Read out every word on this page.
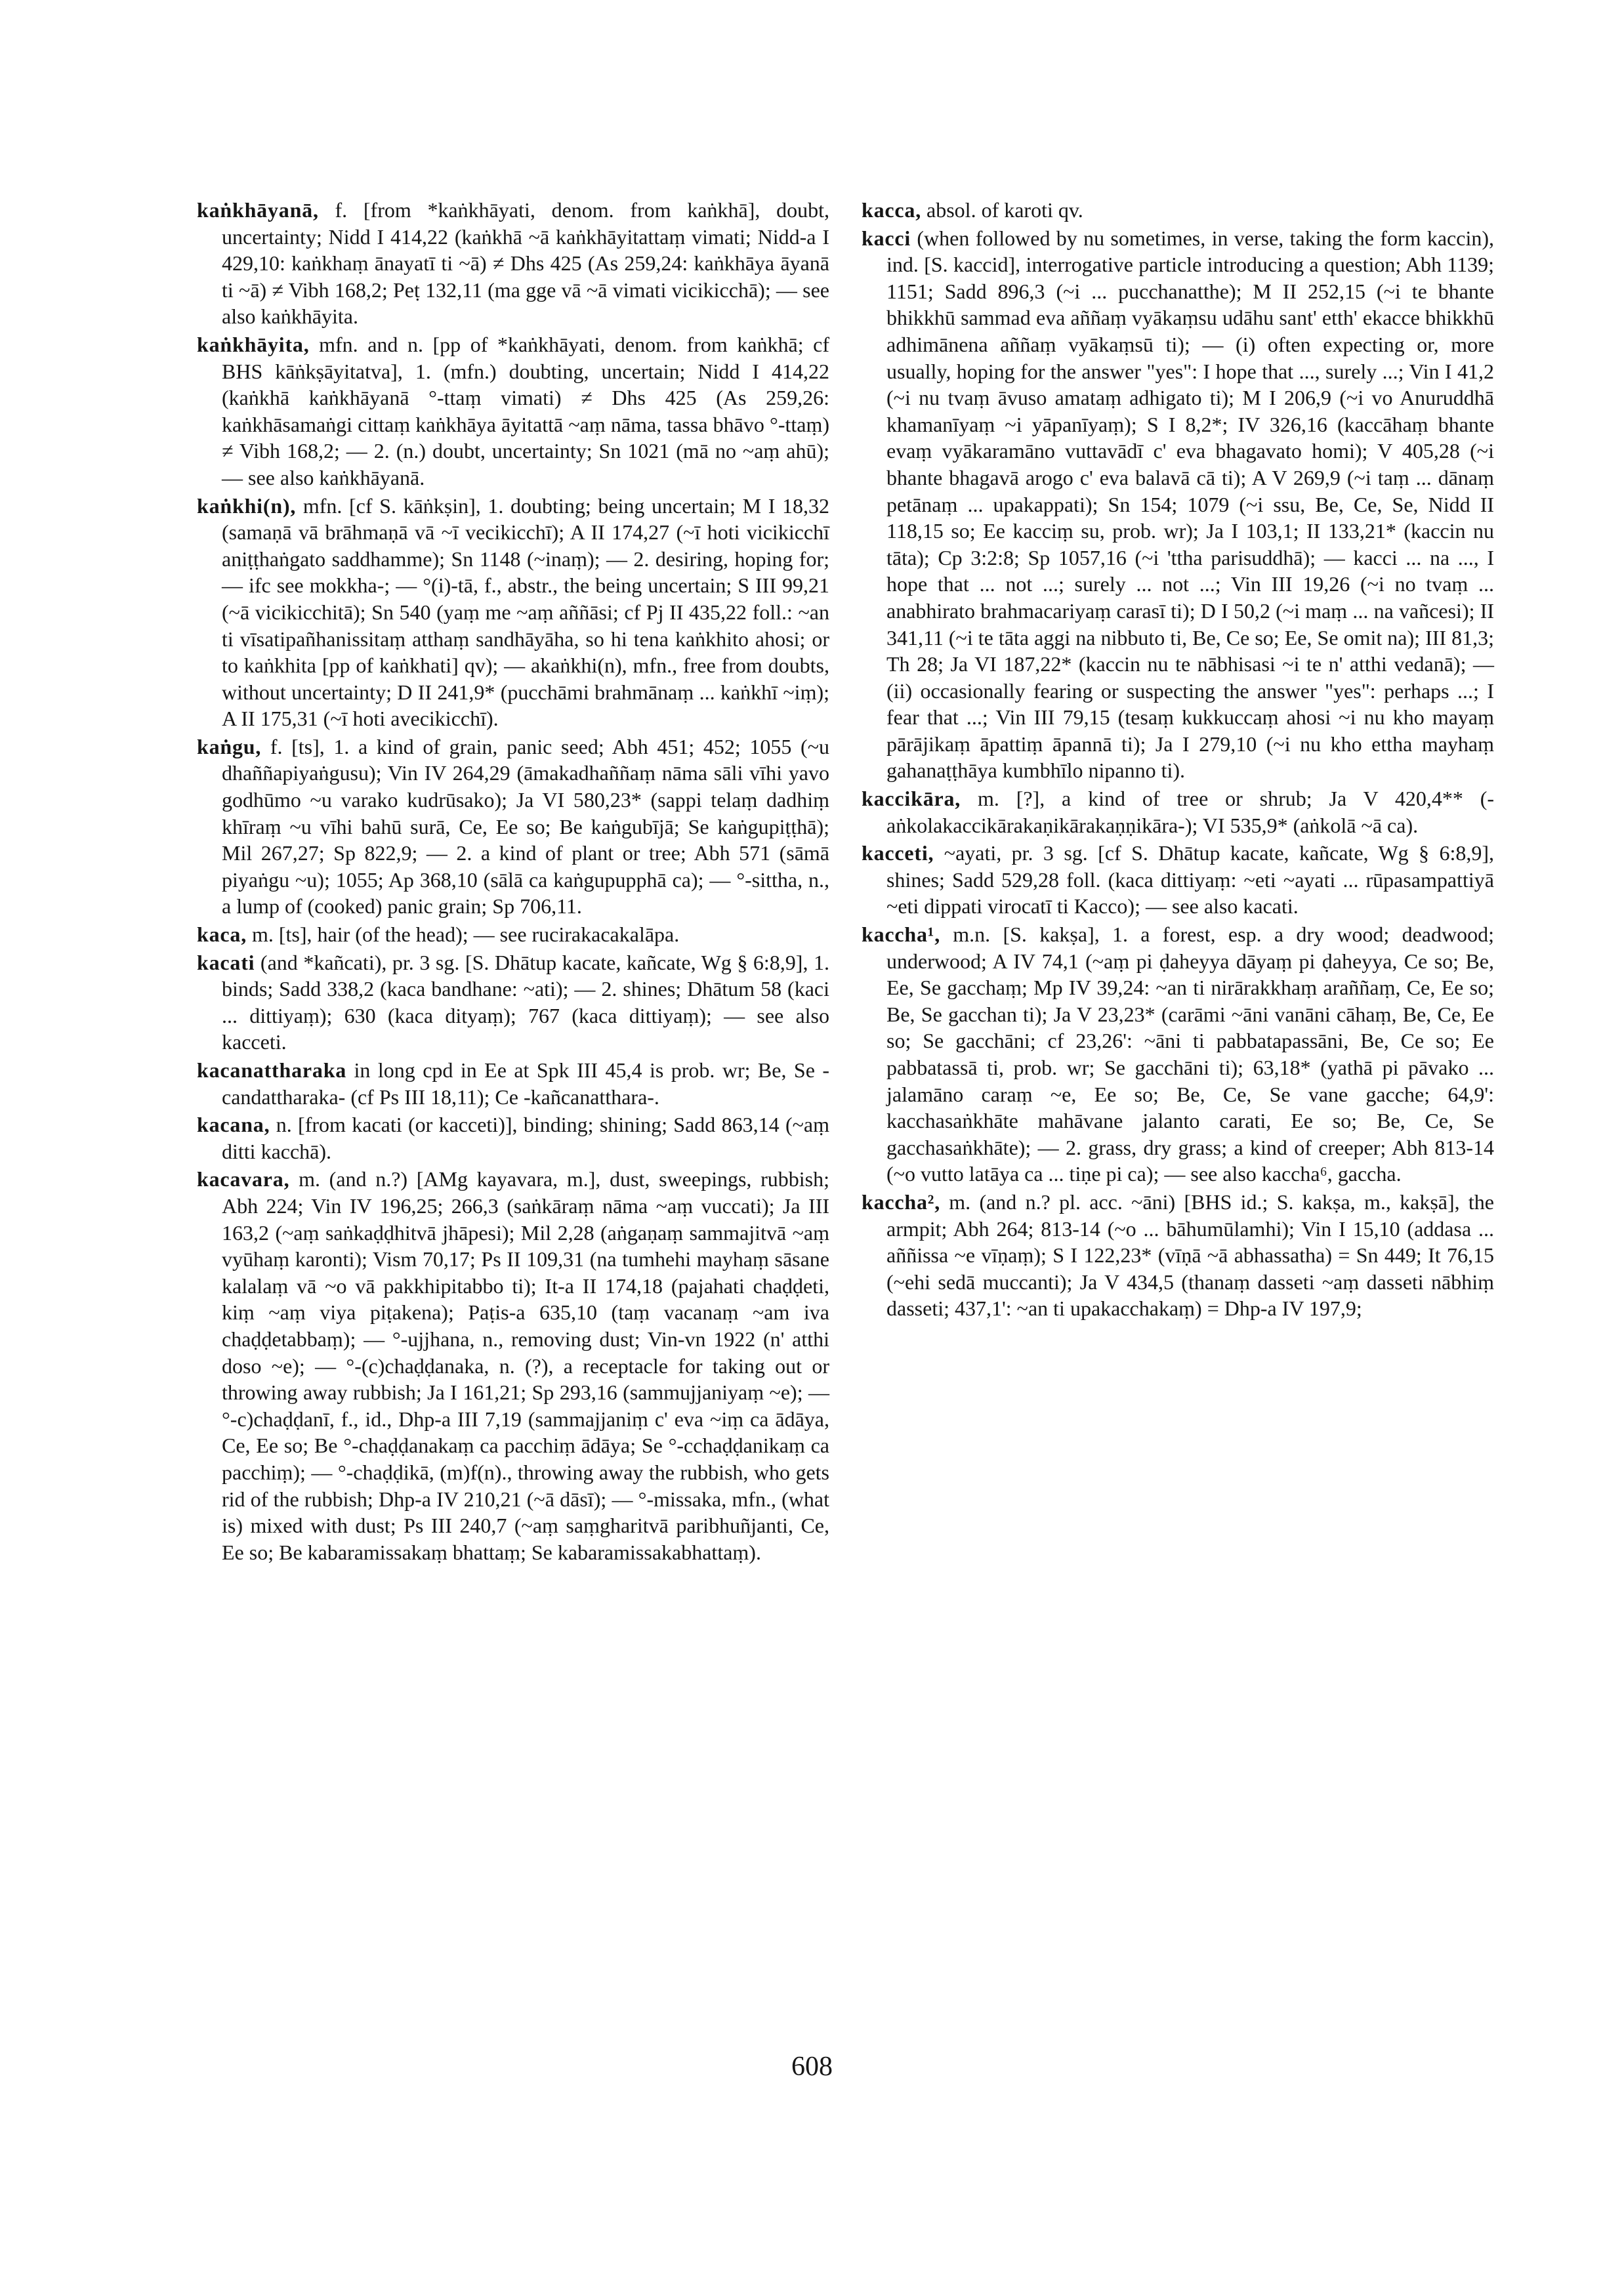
kaṅkhāyanā, f. [from *kaṅkhāyati, denom. from kaṅkhā], doubt, uncertainty; Nidd I 414,22 (kaṅkhā ~ā kaṅkhāyitattaṃ vimati; Nidd-a I 429,10: kaṅkhaṃ ānayatī ti ~ā) ≠ Dhs 425 (As 259,24: kaṅkhāya āyanā ti ~ā) ≠ Vibh 168,2; Peṭ 132,11 (ma gge vā ~ā vimati vicikicchā); — see also kaṅkhāyita.

kaṅkhāyita, mfn. and n. [pp of *kaṅkhāyati, denom. from kaṅkhā; cf BHS kāṅkṣāyitatva], 1. (mfn.) doubting, uncertain; Nidd I 414,22 (kaṅkhā kaṅkhāyanā °-ttaṃ vimati) ≠ Dhs 425 (As 259,26: kaṅkhāsamaṅgi cittaṃ kaṅkhāya āyitattā ~aṃ nāma, tassa bhāvo °-ttaṃ) ≠ Vibh 168,2; — 2. (n.) doubt, uncertainty; Sn 1021 (mā no ~aṃ ahū); — see also kaṅkhāyanā.

kaṅkhi(n), mfn. [cf S. kāṅkṣin], 1. doubting; being uncertain; M I 18,32 (samaṇā vā brāhmaṇā vā ~ī vecikicchī); A II 174,27 (~ī hoti vicikicchī aniṭṭhaṅgato saddhamme); Sn 1148 (~inaṃ); — 2. desiring, hoping for; — ifc see mokkha-; — °(i)-tā, f., abstr., the being uncertain; S III 99,21 (~ā vicikicchitā); Sn 540 (yaṃ me ~aṃ aññāsi; cf Pj II 435,22 foll.: ~an ti vīsatipañhanissitaṃ atthaṃ sandhāyāha, so hi tena kaṅkhito ahosi; or to kaṅkhita [pp of kaṅkhati] qv); — akaṅkhi(n), mfn., free from doubts, without uncertainty; D II 241,9* (pucchāmi brahmānaṃ ... kaṅkhī ~iṃ); A II 175,31 (~ī hoti avecikicchī).

kaṅgu, f. [ts], 1. a kind of grain, panic seed; Abh 451; 452; 1055 (~u dhaññapiyaṅgusu); Vin IV 264,29 (āmakadhaññaṃ nāma sāli vīhi yavo godhūmo ~u varako kudrūsako); Ja VI 580,23* (sappi telaṃ dadhiṃ khīraṃ ~u vīhi bahū surā, Ce, Ee so; Be kaṅgubījā; Se kaṅgupiṭṭhā); Mil 267,27; Sp 822,9; — 2. a kind of plant or tree; Abh 571 (sāmā piyaṅgu ~u); 1055; Ap 368,10 (sālā ca kaṅgupupphā ca); — °-sittha, n., a lump of (cooked) panic grain; Sp 706,11.

kaca, m. [ts], hair (of the head); — see rucirakacakalāpa.

kacati (and *kañcati), pr. 3 sg. [S. Dhātup kacate, kañcate, Wg § 6:8,9], 1. binds; Sadd 338,2 (kaca bandhane: ~ati); — 2. shines; Dhātum 58 (kaci ... dittiyaṃ); 630 (kaca dityaṃ); 767 (kaca dittiyaṃ); — see also kacceti.

kacanattharaka in long cpd in Ee at Spk III 45,4 is prob. wr; Be, Se -candattharaka- (cf Ps III 18,11); Ce -kañcanatthara-.

kacana, n. [from kacati (or kacceti)], binding; shining; Sadd 863,14 (~aṃ ditti kacchā).

kacavara, m. (and n.?) [AMg kayavara, m.], dust, sweepings, rubbish; Abh 224; Vin IV 196,25; 266,3 (saṅkāraṃ nāma ~aṃ vuccati); Ja III 163,2 (~aṃ saṅkaḍḍhitvā jhāpesi); Mil 2,28 (aṅgaṇaṃ sammajitvā ~aṃ vyūhaṃ karonti); Vism 70,17; Ps II 109,31 (na tumhehi mayhaṃ sāsane kalalaṃ vā ~o vā pakkhipitabbo ti); It-a II 174,18 (pajahati chaḍḍeti, kiṃ ~aṃ viya piṭakena); Paṭis-a 635,10 (taṃ vacanaṃ ~am iva chaḍḍetabbaṃ); — °-ujjhana, n., removing dust; Vin-vn 1922 (n' atthi doso ~e); — °-(c)chaḍḍanaka, n. (?), a receptacle for taking out or throwing away rubbish; Ja I 161,21; Sp 293,16 (sammujjaniyaṃ ~e); — °-c)chaḍḍanī, f., id., Dhp-a III 7,19 (sammajjaniṃ c' eva ~iṃ ca ādāya, Ce, Ee so; Be °-chaḍḍanakaṃ ca pacchiṃ ādāya; Se °-cchaḍḍanikaṃ ca pacchiṃ); — °-chaḍḍikā, (m)f(n)., throwing away the rubbish, who gets rid of the rubbish; Dhp-a IV 210,21 (~ā dāsī); — °-missaka, mfn., (what is) mixed with dust; Ps III 240,7 (~aṃ saṃgharitvā paribhuñjanti, Ce, Ee so; Be kabaramissakaṃ bhattaṃ; Se kabaramissakabhattaṃ).

kacca, absol. of karoti qv.

kacci (when followed by nu sometimes, in verse, taking the form kaccin), ind. [S. kaccid], interrogative particle introducing a question; Abh 1139; 1151; Sadd 896,3 (~i ... pucchanatthe); M II 252,15 (~i te bhante bhikkhū sammad eva aññaṃ vyākaṃsu udāhu sant' etth' ekacce bhikkhū adhimānena aññaṃ vyākaṃsū ti); — (i) often expecting or, more usually, hoping for the answer "yes": I hope that ..., surely ...; Vin I 41,2 (~i nu tvaṃ āvuso amataṃ adhigato ti); M I 206,9 (~i vo Anuruddhā khamanīyaṃ ~i yāpanīyaṃ); S I 8,2*; IV 326,16 (kaccāhaṃ bhante evaṃ vyākaramāno vuttavādī c' eva bhagavato homi); V 405,28 (~i bhante bhagavā arogo c' eva balavā cā ti); A V 269,9 (~i taṃ ... dānaṃ petānaṃ ... upakappati); Sn 154; 1079 (~i ssu, Be, Ce, Se, Nidd II 118,15 so; Ee kacciṃ su, prob. wr); Ja I 103,1; II 133,21* (kaccin nu tāta); Cp 3:2:8; Sp 1057,16 (~i 'ttha parisuddhā); — kacci ... na ..., I hope that ... not ...; surely ... not ...; Vin III 19,26 (~i no tvaṃ ... anabhirato brahmacariyaṃ carasī ti); D I 50,2 (~i maṃ ... na vañcesi); II 341,11 (~i te tāta aggi na nibbuto ti, Be, Ce so; Ee, Se omit na); III 81,3; Th 28; Ja VI 187,22* (kaccin nu te nābhisasi ~i te n' atthi vedanā); — (ii) occasionally fearing or suspecting the answer "yes": perhaps ...; I fear that ...; Vin III 79,15 (tesaṃ kukkuccaṃ ahosi ~i nu kho mayaṃ pārājikaṃ āpattiṃ āpannā ti); Ja I 279,10 (~i nu kho ettha mayhaṃ gahanaṭṭhāya kumbhīlo nipanno ti).

kaccikāra, m. [?], a kind of tree or shrub; Ja V 420,4** (-aṅkolakaccikārakaṇikārakaṇṇikāra-); VI 535,9* (aṅkolā ~ā ca).

kacceti, ~ayati, pr. 3 sg. [cf S. Dhātup kacate, kañcate, Wg § 6:8,9], shines; Sadd 529,28 foll. (kaca dittiyaṃ: ~eti ~ayati ... rūpasampattiyā ~eti dippati virocatī ti Kacco); — see also kacati.

kaccha¹, m.n. [S. kakṣa], 1. a forest, esp. a dry wood; deadwood; underwood; A IV 74,1 (~aṃ pi ḍaheyya dāyaṃ pi ḍaheyya, Ce so; Be, Ee, Se gacchaṃ; Mp IV 39,24: ~an ti nirārakkhaṃ araññaṃ, Ce, Ee so; Be, Se gacchan ti); Ja V 23,23* (carāmi ~āni vanāni cāhaṃ, Be, Ce, Ee so; Se gacchāni; cf 23,26': ~āni ti pabbatapassāni, Be, Ce so; Ee pabbatassā ti, prob. wr; Se gacchāni ti); 63,18* (yathā pi pāvako ... jalamāno caraṃ ~e, Ee so; Be, Ce, Se vane gacche; 64,9': kacchasaṅkhāte mahāvane jalanto carati, Ee so; Be, Ce, Se gacchasaṅkhāte); — 2. grass, dry grass; a kind of creeper; Abh 813-14 (~o vutto latāya ca ... tiṇe pi ca); — see also kaccha⁶, gaccha.

kaccha², m. (and n.? pl. acc. ~āni) [BHS id.; S. kakṣa, m., kakṣā], the armpit; Abh 264; 813-14 (~o ... bāhumūlamhi); Vin I 15,10 (addasa ... aññissa ~e vīṇaṃ); S I 122,23* (vīṇā ~ā abhassatha) = Sn 449; It 76,15 (~ehi sedā muccanti); Ja V 434,5 (thanaṃ dasseti ~aṃ dasseti nābhiṃ dasseti; 437,1': ~an ti upakacchakaṃ) = Dhp-a IV 197,9;

608
